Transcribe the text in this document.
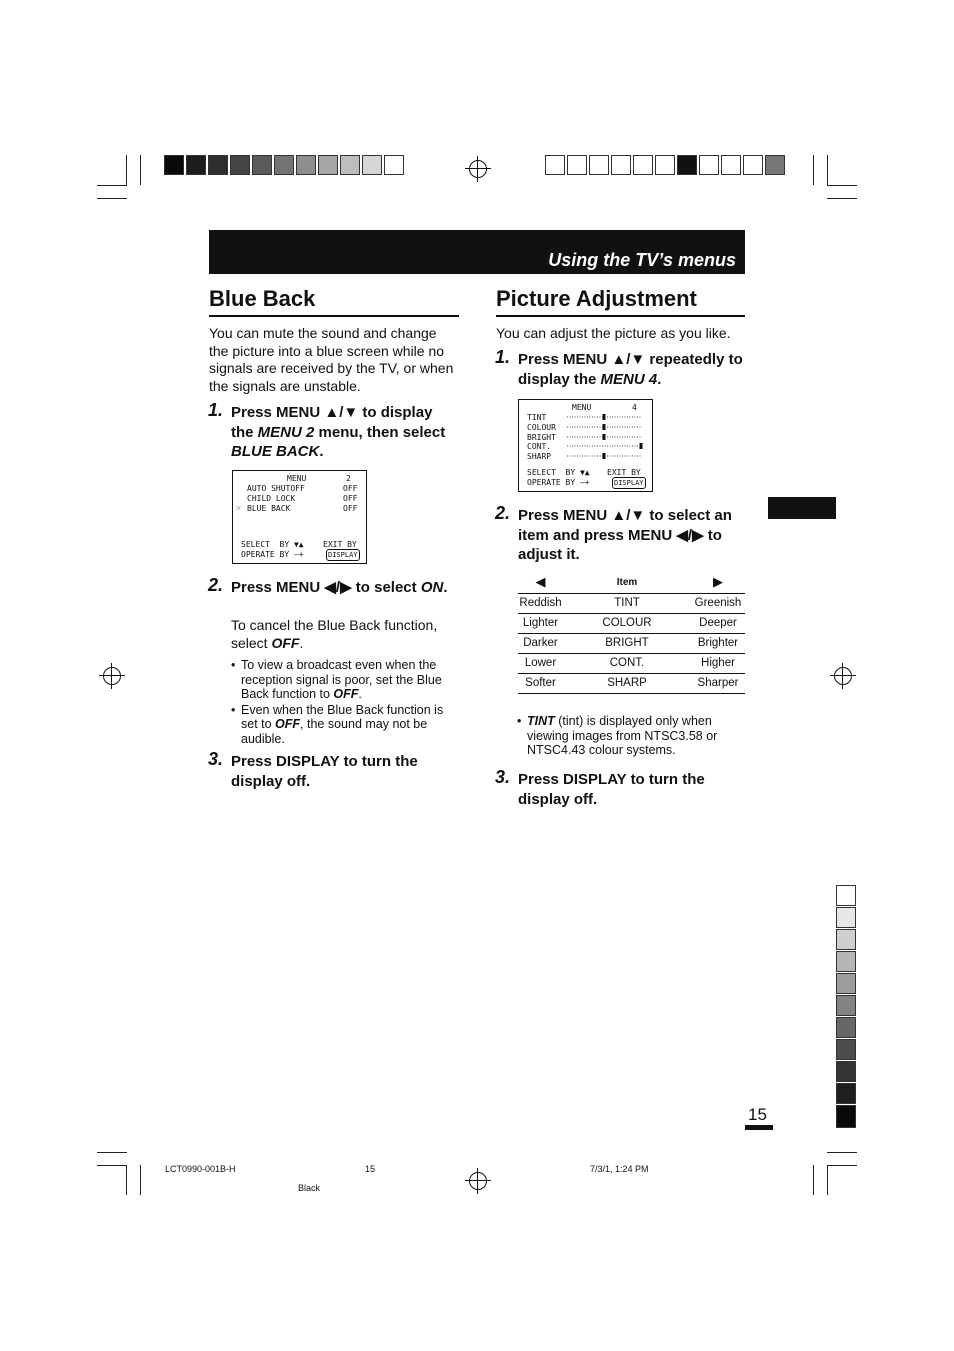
Using the TV’s menus
Blue Back
You can mute the sound and change the picture into a blue screen while no signals are received by the TV, or when the signals are unstable.
1. Press MENU ▲/▼ to display the MENU 2 menu, then select BLUE BACK.
MENU	2
AUTO SHUTOFF	OFF
CHILD LOCK	OFF
☞ BLUE BACK	OFF
SELECT  BY ▼▲ EXIT BY
OPERATE BY —+	DISPLAY
2. Press MENU ◀/▶ to select ON.
To cancel the Blue Back function, select OFF.
• To view a broadcast even when the reception signal is poor, set the Blue Back function to OFF.
• Even when the Blue Back function is set to OFF, the sound may not be audible.
3. Press DISPLAY to turn the display off.
Picture Adjustment
You can adjust the picture as you like.
1. Press MENU ▲/▼ repeatedly to display the MENU 4.
MENU	4
TINT
COLOUR
BRIGHT
CONT.
SHARP
SELECT  BY ▼▲ EXIT BY
OPERATE BY —+	DISPLAY
2. Press MENU ▲/▼ to select an item and press MENU ◀/▶ to adjust it.
◀	Item	▶
Reddish	TINT	Greenish
Lighter	COLOUR	Deeper
Darker	BRIGHT	Brighter
Lower	CONT.	Higher
Softer	SHARP	Sharper
• TINT (tint) is displayed only when viewing images from NTSC3.58 or NTSC4.43 colour systems.
3. Press DISPLAY to turn the display off.
15
LCT0990-001B-H	15	7/3/1, 1:24 PM
Black
